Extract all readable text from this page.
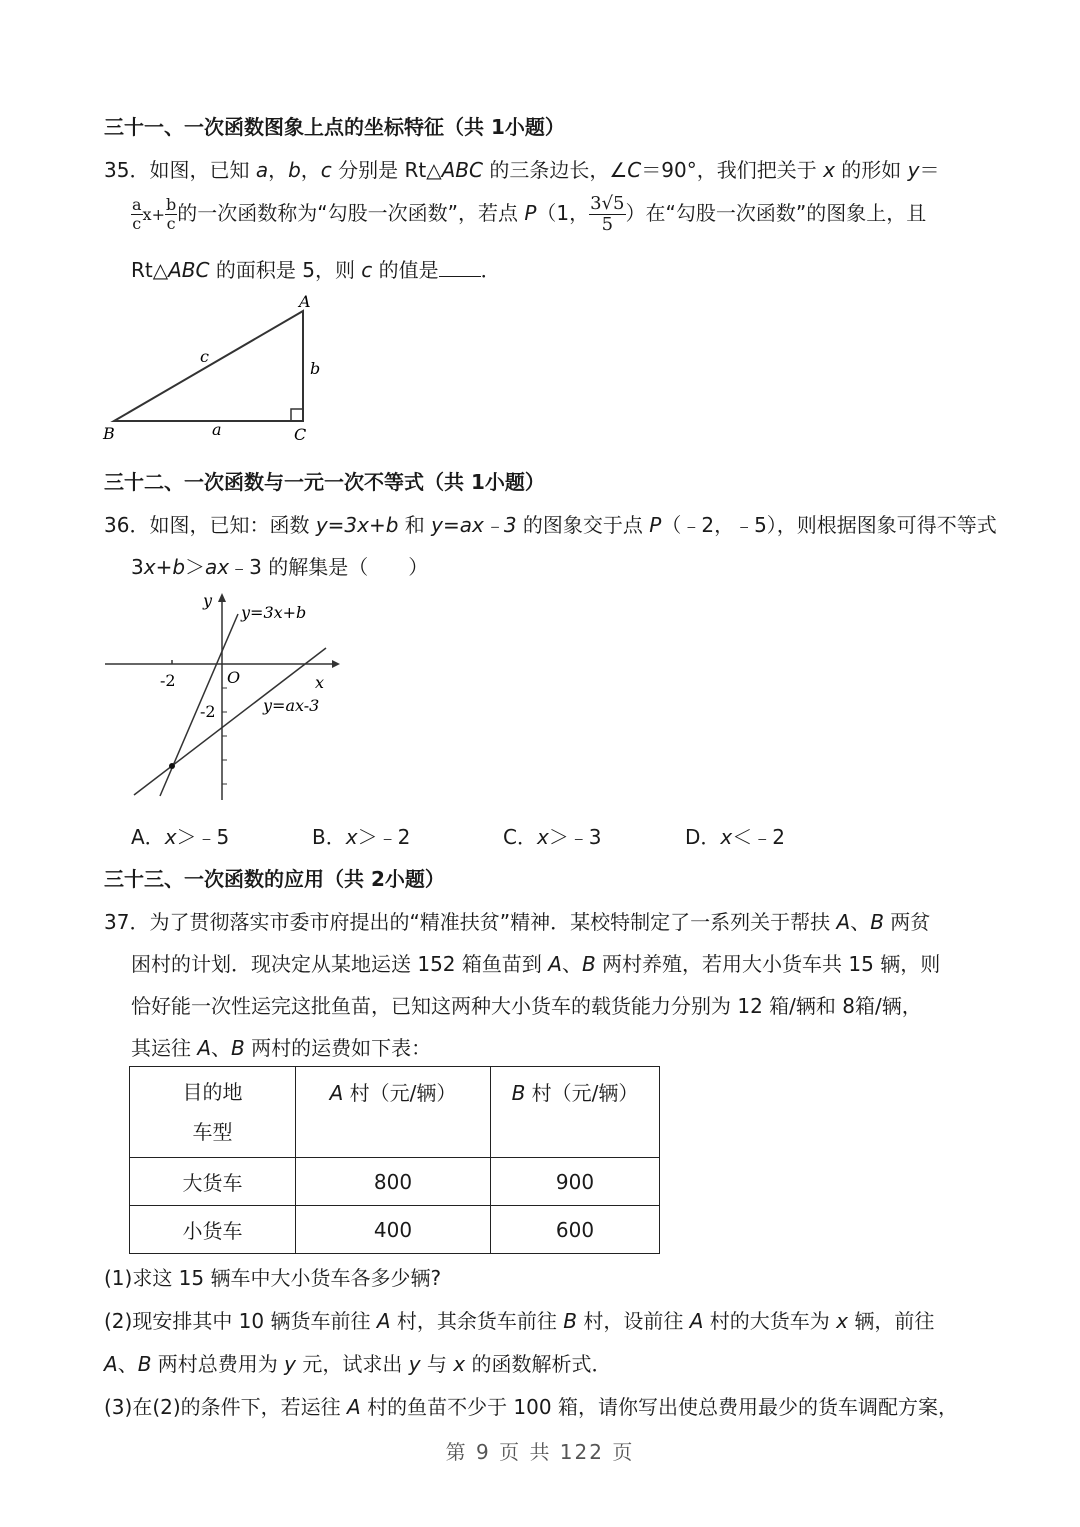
三十一、一次函数图象上点的坐标特征（共 1小题）
35．如图，已知 a，b，c 分别是 Rt△ABC 的三条边长，∠C＝90°，我们把关于 x 的形如 y＝
$\frac{a}{c} x+ \frac{b}{c}$ 的一次函数称为“勾股一次函数”，若点 P（1， $\frac{3√5}{5}$ ）在“勾股一次函数”的图象上，且
Rt△ABC 的面积是 5，则 c 的值是 ．
A
B	C
a
b
c
三十二、一次函数与一元一次不等式（共 1小题）
36．如图，已知：函数 y=3x+b 和 y=ax﹣3 的图象交于点 P（﹣2，﹣5），则根据图象可得不等式
3x+b＞ax﹣3 的解集是（　　）
y
y=3x+b
y=ax-3
-2	O	x
-2
A．x＞﹣5	B．x＞﹣2	C．x＞﹣3	D．x＜﹣2
三十三、一次函数的应用（共 2小题）
37．为了贯彻落实市委市府提出的“精准扶贫”精神．某校特制定了一系列关于帮扶 A、B 两贫
困村的计划．现决定从某地运送 152 箱鱼苗到 A、B 两村养殖，若用大小货车共 15 辆，则
恰好能一次性运完这批鱼苗，已知这两种大小货车的载货能力分别为 12 箱/辆和 8箱/辆，
其运往 A、B 两村的运费如下表：
目的地
车型	A 村（元/辆）	B 村（元/辆）
大货车	800	900
小货车	400	600
(1)求这 15 辆车中大小货车各多少辆?
(2)现安排其中 10 辆货车前往 A 村，其余货车前往 B 村，设前往 A 村的大货车为 x 辆，前往
A、B 两村总费用为 y 元，试求出 y 与 x 的函数解析式．
(3)在(2)的条件下，若运往 A 村的鱼苗不少于 100 箱，请你写出使总费用最少的货车调配方案，
第 9 页 共 122 页
